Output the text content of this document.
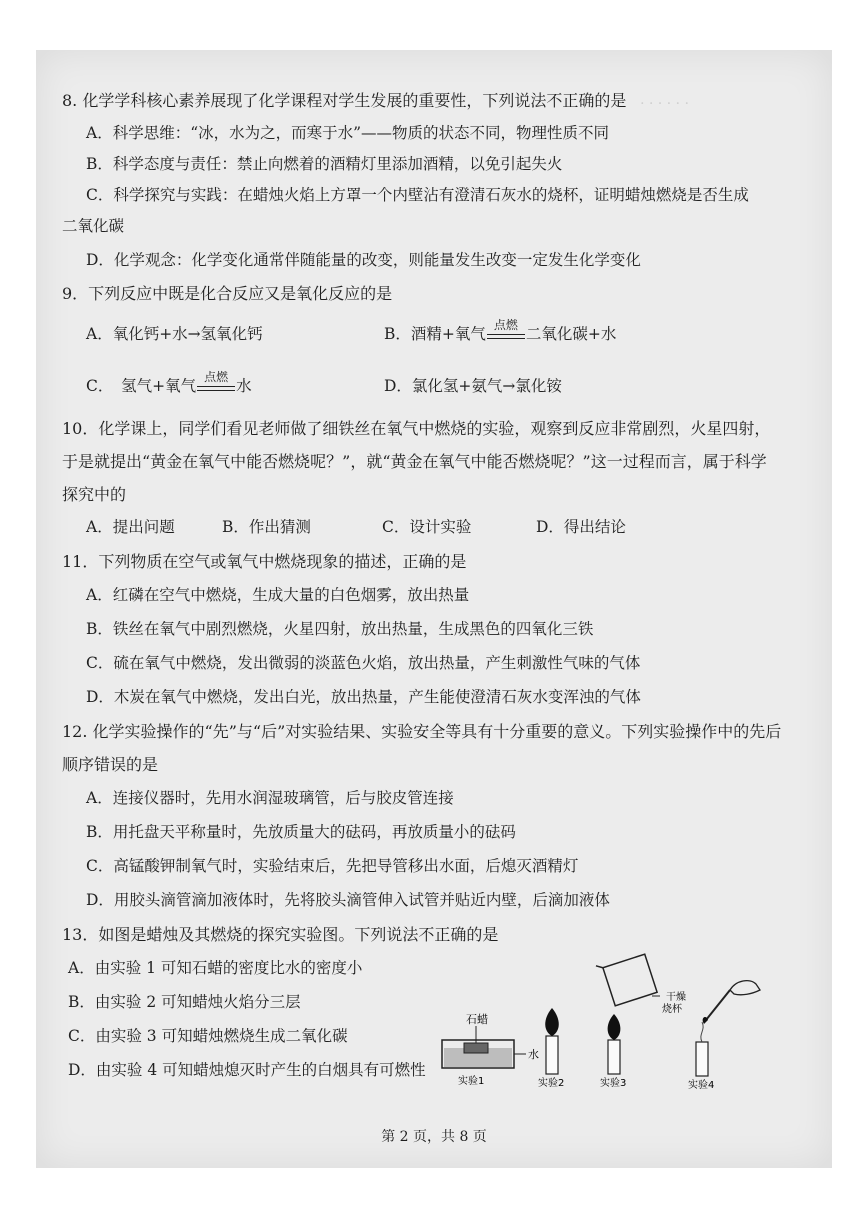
· · · · · ·
8. 化学学科核心素养展现了化学课程对学生发展的重要性，下列说法不正确的是
A．科学思维：“冰，水为之，而寒于水”——物质的状态不同，物理性质不同
B．科学态度与责任：禁止向燃着的酒精灯里添加酒精，以免引起失火
C．科学探究与实践：在蜡烛火焰上方罩一个内壁沾有澄清石灰水的烧杯，证明蜡烛燃烧是否生成
二氧化碳
D．化学观念：化学变化通常伴随能量的改变，则能量发生改变一定发生化学变化
9．下列反应中既是化合反应又是氧化反应的是
A．氧化钙+水→氢氧化钙	B．酒精+氧气 点燃 二氧化碳+水
C．　氢气+氧气 点燃 水	D．氯化氢+氨气→氯化铵
10．化学课上，同学们看见老师做了细铁丝在氧气中燃烧的实验，观察到反应非常剧烈，火星四射，
于是就提出“黄金在氧气中能否燃烧呢？”，就“黄金在氧气中能否燃烧呢？”这一过程而言，属于科学
探究中的
A．提出问题	B．作出猜测	C．设计实验	D．得出结论
11．下列物质在空气或氧气中燃烧现象的描述，正确的是
A．红磷在空气中燃烧，生成大量的白色烟雾，放出热量
B．铁丝在氧气中剧烈燃烧，火星四射，放出热量，生成黑色的四氧化三铁
C．硫在氧气中燃烧，发出微弱的淡蓝色火焰，放出热量，产生刺激性气味的气体
D．木炭在氧气中燃烧，发出白光，放出热量，产生能使澄清石灰水变浑浊的气体
12. 化学实验操作的“先”与“后”对实验结果、实验安全等具有十分重要的意义。下列实验操作中的先后
顺序错误的是
A．连接仪器时，先用水润湿玻璃管，后与胶皮管连接
B．用托盘天平称量时，先放质量大的砝码，再放质量小的砝码
C．高锰酸钾制氧气时，实验结束后，先把导管移出水面，后熄灭酒精灯
D．用胶头滴管滴加液体时，先将胶头滴管伸入试管并贴近内壁，后滴加液体
13．如图是蜡烛及其燃烧的探究实验图。下列说法不正确的是
A．由实验 1 可知石蜡的密度比水的密度小
B．由实验 2 可知蜡烛火焰分三层
C．由实验 3 可知蜡烛燃烧生成二氧化碳
D．由实验 4 可知蜡烛熄灭时产生的白烟具有可燃性
石蜡
水
实验1	实验2
干燥
烧杯
实验3	实验4
第 2 页，共 8 页
